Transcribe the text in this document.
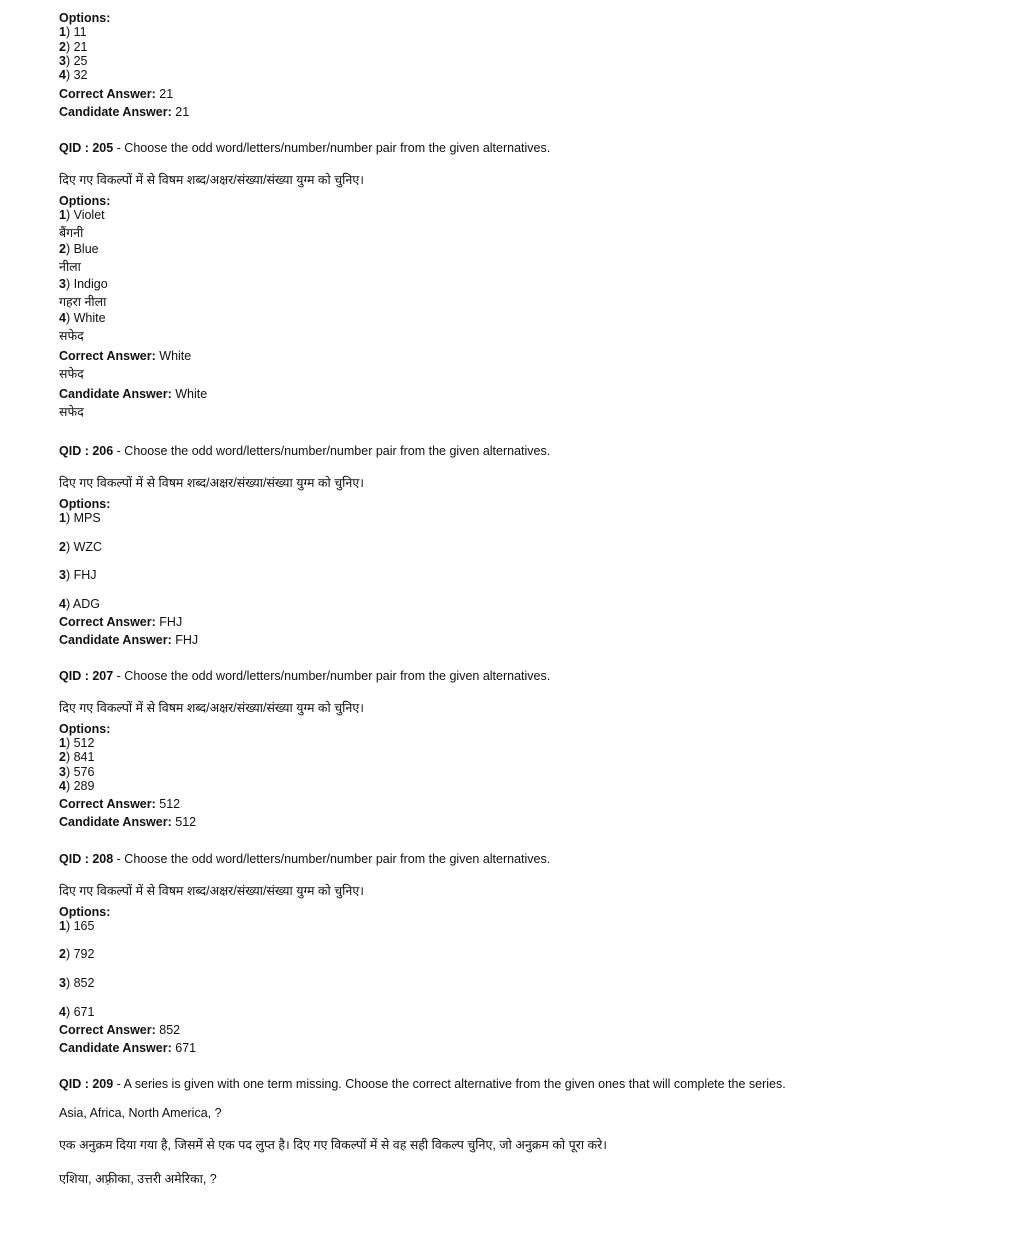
Options:
1) 11
2) 21
3) 25
4) 32
Correct Answer: 21
Candidate Answer: 21
QID : 205 - Choose the odd word/letters/number/number pair from the given alternatives.
दिए गए विकल्पों में से विषम शब्द/अक्षर/संख्या/संख्या युग्म को चुनिए।
Options:
1) Violet
बैंगनी
2) Blue
नीला
3) Indigo
गहरा नीला
4) White
सफेद
Correct Answer: White
सफेद
Candidate Answer: White
सफेद
QID : 206 - Choose the odd word/letters/number/number pair from the given alternatives.
दिए गए विकल्पों में से विषम शब्द/अक्षर/संख्या/संख्या युग्म को चुनिए।
Options:
1) MPS
2) WZC
3) FHJ
4) ADG
Correct Answer: FHJ
Candidate Answer: FHJ
QID : 207 - Choose the odd word/letters/number/number pair from the given alternatives.
दिए गए विकल्पों में से विषम शब्द/अक्षर/संख्या/संख्या युग्म को चुनिए।
Options:
1) 512
2) 841
3) 576
4) 289
Correct Answer: 512
Candidate Answer: 512
QID : 208 - Choose the odd word/letters/number/number pair from the given alternatives.
दिए गए विकल्पों में से विषम शब्द/अक्षर/संख्या/संख्या युग्म को चुनिए।
Options:
1) 165
2) 792
3) 852
4) 671
Correct Answer: 852
Candidate Answer: 671
QID : 209 - A series is given with one term missing. Choose the correct alternative from the given ones that will complete the series.
Asia, Africa, North America, ?
एक अनुक्रम दिया गया है, जिसमें से एक पद लुप्त है। दिए गए विकल्पों में से वह सही विकल्प चुनिए, जो अनुक्रम को पूरा करे।
एशिया, अफ़्रीका, उत्तरी अमेरिका, ?
